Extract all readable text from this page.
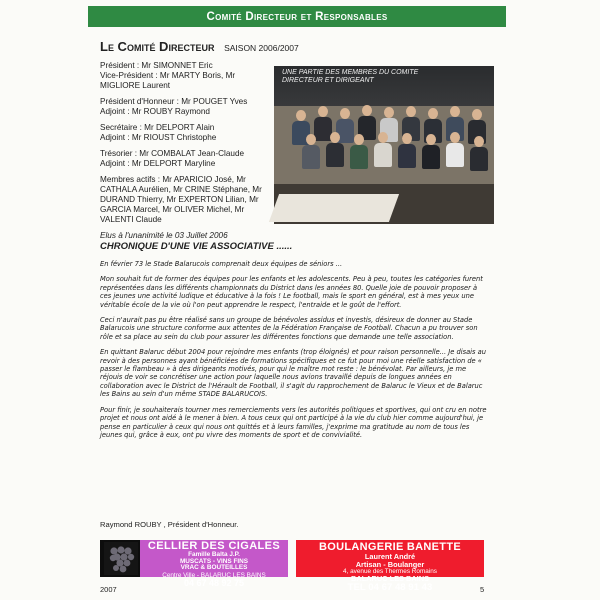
Comité Directeur et Responsables
Le Comité Directeur SAISON 2006/2007
Président : Mr SIMONNET Eric
Vice-Président : Mr MARTY Boris, Mr MIGLIORE Laurent
Président d'Honneur : Mr POUGET Yves
Adjoint : Mr ROUBY Raymond
Secrétaire : Mr DELPORT Alain
Adjoint : Mr RIOUST Christophe
Trésorier : Mr COMBALAT Jean-Claude
Adjoint : Mr DELPORT Maryline
Membres actifs : Mr APARICIO José, Mr CATHALA Aurélien, Mr CRINE Stéphane, Mr DURAND Thierry, Mr EXPERTON Lilian, Mr GARCIA Marcel, Mr OLIVER Michel, Mr VALENTI Claude
Elus à l'unanimité le 03 Juillet 2006
UNE PARTIE DES MEMBRES DU COMITE DIRECTEUR ET DIRIGEANT
CHRONIQUE D'UNE VIE ASSOCIATIVE ......

En février 73 le Stade Balarucois comprenait deux équipes de séniors ...

Mon souhait fut de former des équipes pour les enfants et les adolescents. Peu à peu, toutes les catégories furent représentées dans les différents championnats du District dans les années 80. Quelle joie de pouvoir proposer à ces jeunes une activité ludique et éducative à la fois ! Le football, mais le sport en général, est à mes yeux une véritable école de la vie où l'on peut apprendre le respect, l'entraide et le goût de l'effort.

Ceci n'aurait pas pu être réalisé sans un groupe de bénévoles assidus et investis, désireux de donner au Stade Balarucois une structure conforme aux attentes de la Fédération Française de Football. Chacun a pu trouver son rôle et sa place au sein du club pour assurer les différentes fonctions que demande une telle association.

En quittant Balaruc début 2004 pour rejoindre mes enfants (trop éloignés) et pour raison personnelle... Je disais au revoir à des personnes ayant bénéficiées de formations spécifiques et ce fut pour moi une réelle satisfaction de « passer le flambeau » à des dirigeants motivés, pour qui le maître mot reste : le bénévolat. Par ailleurs, je me réjouis de voir se concrétiser une action pour laquelle nous avions travaillé depuis de longues années en collaboration avec le District de l'Hérault de Football, il s'agit du rapprochement de Balaruc le Vieux et de Balaruc les Bains au sein d'un même STADE BALARUCOIS.

Pour finir, je souhaiterais tourner mes remerciements vers les autorités politiques et sportives, qui ont cru en notre projet et nous ont aidé à le mener à bien. A tous ceux qui ont participé à la vie du club hier comme aujourd'hui, je pense en particulier à ceux qui nous ont quittés et à leurs familles, j'exprime ma gratitude au nom de tous les jeunes qui, grâce à eux, ont pu vivre des moments de sport et de convivialité.

Raymond ROUBY , Président d'Honneur.
CELLIER DES CIGALES
Famille Balta J.P.
MUSCATS - VINS FINS
VRAC & BOUTEILLES
Centre Ville - BALARUC LES BAINS
04 67 48 92 75
BOULANGERIE BANETTE
Laurent André
Artisan - Boulanger
4, avenue des Thermes Romains
BALARUC LES BAINS
TEL 04 67 48 91 43
2007	5
